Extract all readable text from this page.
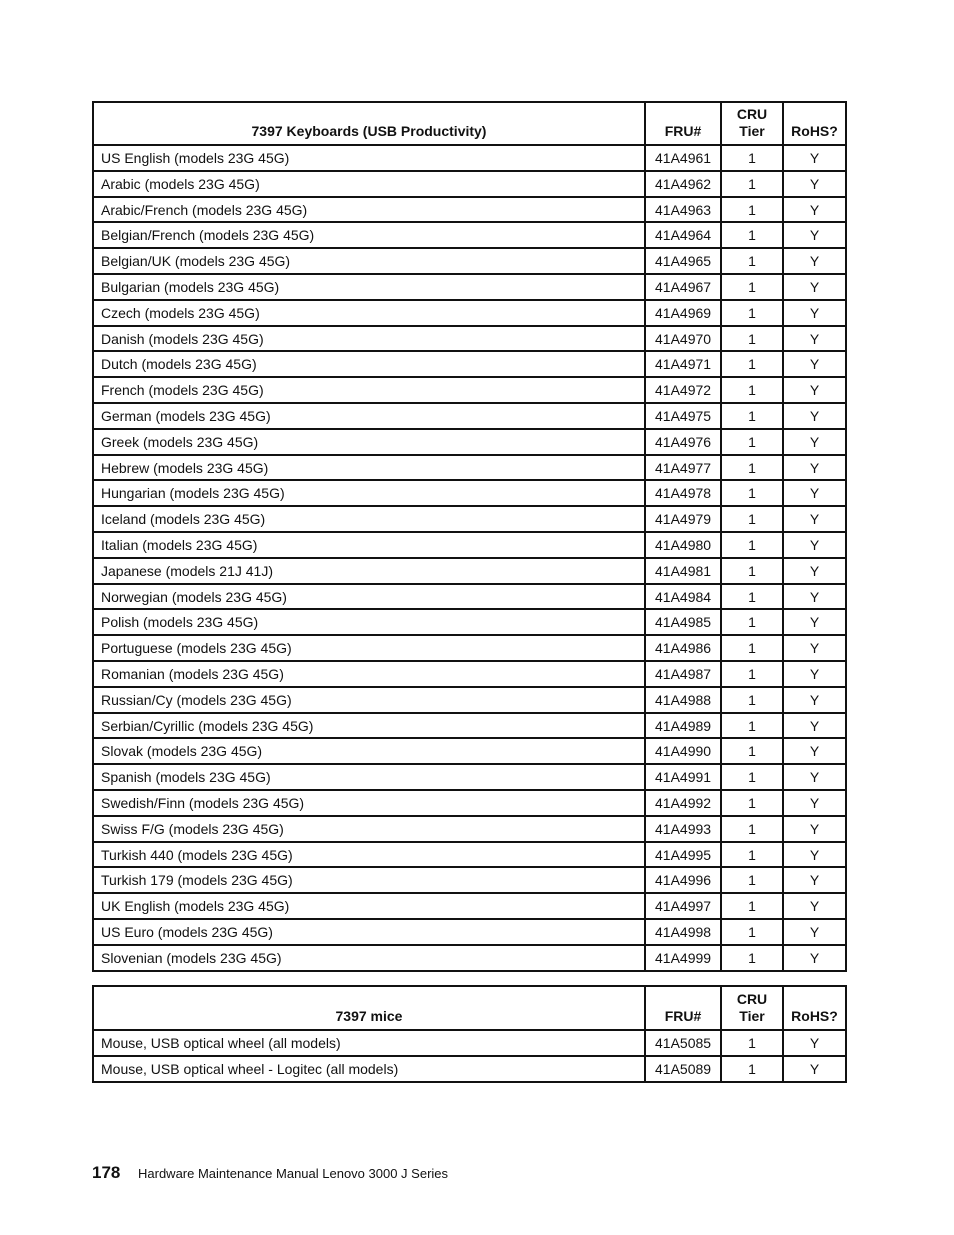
7397 Keyboards (USB Productivity)	FRU#	CRU Tier	RoHS?
US English (models 23G 45G)	41A4961	1	Y
Arabic (models 23G 45G)	41A4962	1	Y
Arabic/French (models 23G 45G)	41A4963	1	Y
Belgian/French (models 23G 45G)	41A4964	1	Y
Belgian/UK (models 23G 45G)	41A4965	1	Y
Bulgarian (models 23G 45G)	41A4967	1	Y
Czech (models 23G 45G)	41A4969	1	Y
Danish (models 23G 45G)	41A4970	1	Y
Dutch (models 23G 45G)	41A4971	1	Y
French (models 23G 45G)	41A4972	1	Y
German (models 23G 45G)	41A4975	1	Y
Greek (models 23G 45G)	41A4976	1	Y
Hebrew (models 23G 45G)	41A4977	1	Y
Hungarian (models 23G 45G)	41A4978	1	Y
Iceland (models 23G 45G)	41A4979	1	Y
Italian (models 23G 45G)	41A4980	1	Y
Japanese (models 21J 41J)	41A4981	1	Y
Norwegian (models 23G 45G)	41A4984	1	Y
Polish (models 23G 45G)	41A4985	1	Y
Portuguese (models 23G 45G)	41A4986	1	Y
Romanian (models 23G 45G)	41A4987	1	Y
Russian/Cy (models 23G 45G)	41A4988	1	Y
Serbian/Cyrillic (models 23G 45G)	41A4989	1	Y
Slovak (models 23G 45G)	41A4990	1	Y
Spanish (models 23G 45G)	41A4991	1	Y
Swedish/Finn (models 23G 45G)	41A4992	1	Y
Swiss F/G (models 23G 45G)	41A4993	1	Y
Turkish 440 (models 23G 45G)	41A4995	1	Y
Turkish 179 (models 23G 45G)	41A4996	1	Y
UK English (models 23G 45G)	41A4997	1	Y
US Euro (models 23G 45G)	41A4998	1	Y
Slovenian (models 23G 45G)	41A4999	1	Y
7397 mice	FRU#	CRU Tier	RoHS?
Mouse, USB optical wheel (all models)	41A5085	1	Y
Mouse, USB optical wheel - Logitec (all models)	41A5089	1	Y
178	Hardware Maintenance Manual Lenovo 3000 J Series
